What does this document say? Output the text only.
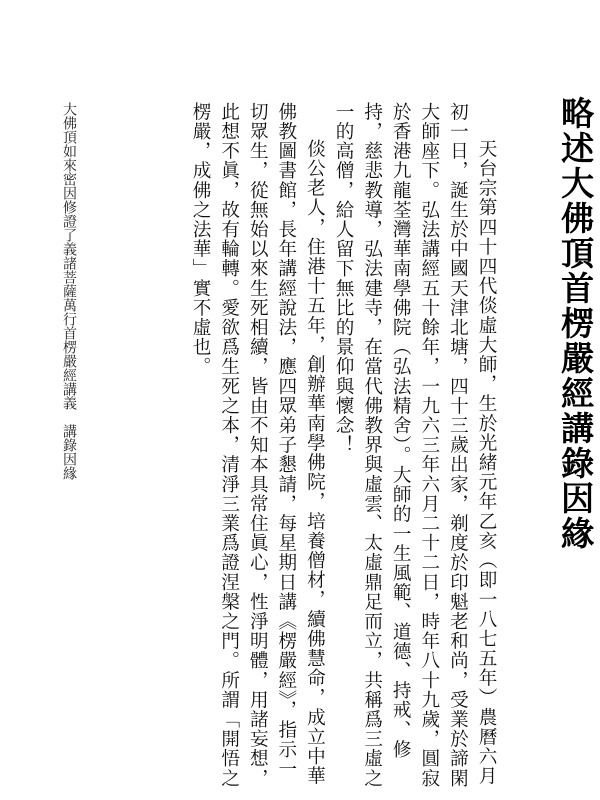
略述大佛頂首楞嚴經講錄因緣

天台宗第四十四代倓虛大師，生於光緒元年乙亥（即一八七五年）農曆六月初一日，誕生於中國天津北塘，四十三歲出家，剃度於印魁老和尚，受業於諦閑大師座下。弘法講經五十餘年，一九六三年六月二十二日，時年八十九歲，圓寂於香港九龍荃灣華南學佛院（弘法精舍）。大師的一生風範、道德、持戒、修持，慈悲教導，弘法建寺，在當代佛教界與虛雲、太虛鼎足而立，共稱爲三虛之一的高僧，給人留下無比的景仰與懷念！

倓公老人，住港十五年，創辦華南學佛院，培養僧材，續佛慧命，成立中華佛教圖書館，長年講經說法，應四眾弟子懇請，每星期日講《楞嚴經》，指示一切眾生，從無始以來生死相續，皆由不知本具常住眞心，性淨明體，用諸妄想，此想不眞，故有輪轉。愛欲爲生死之本，清淨三業爲證涅槃之門。所謂「開悟之楞嚴，成佛之法華」實不虛也。

大佛頂如來密因修證了義諸菩薩萬行首楞嚴經講義講錄因緣
